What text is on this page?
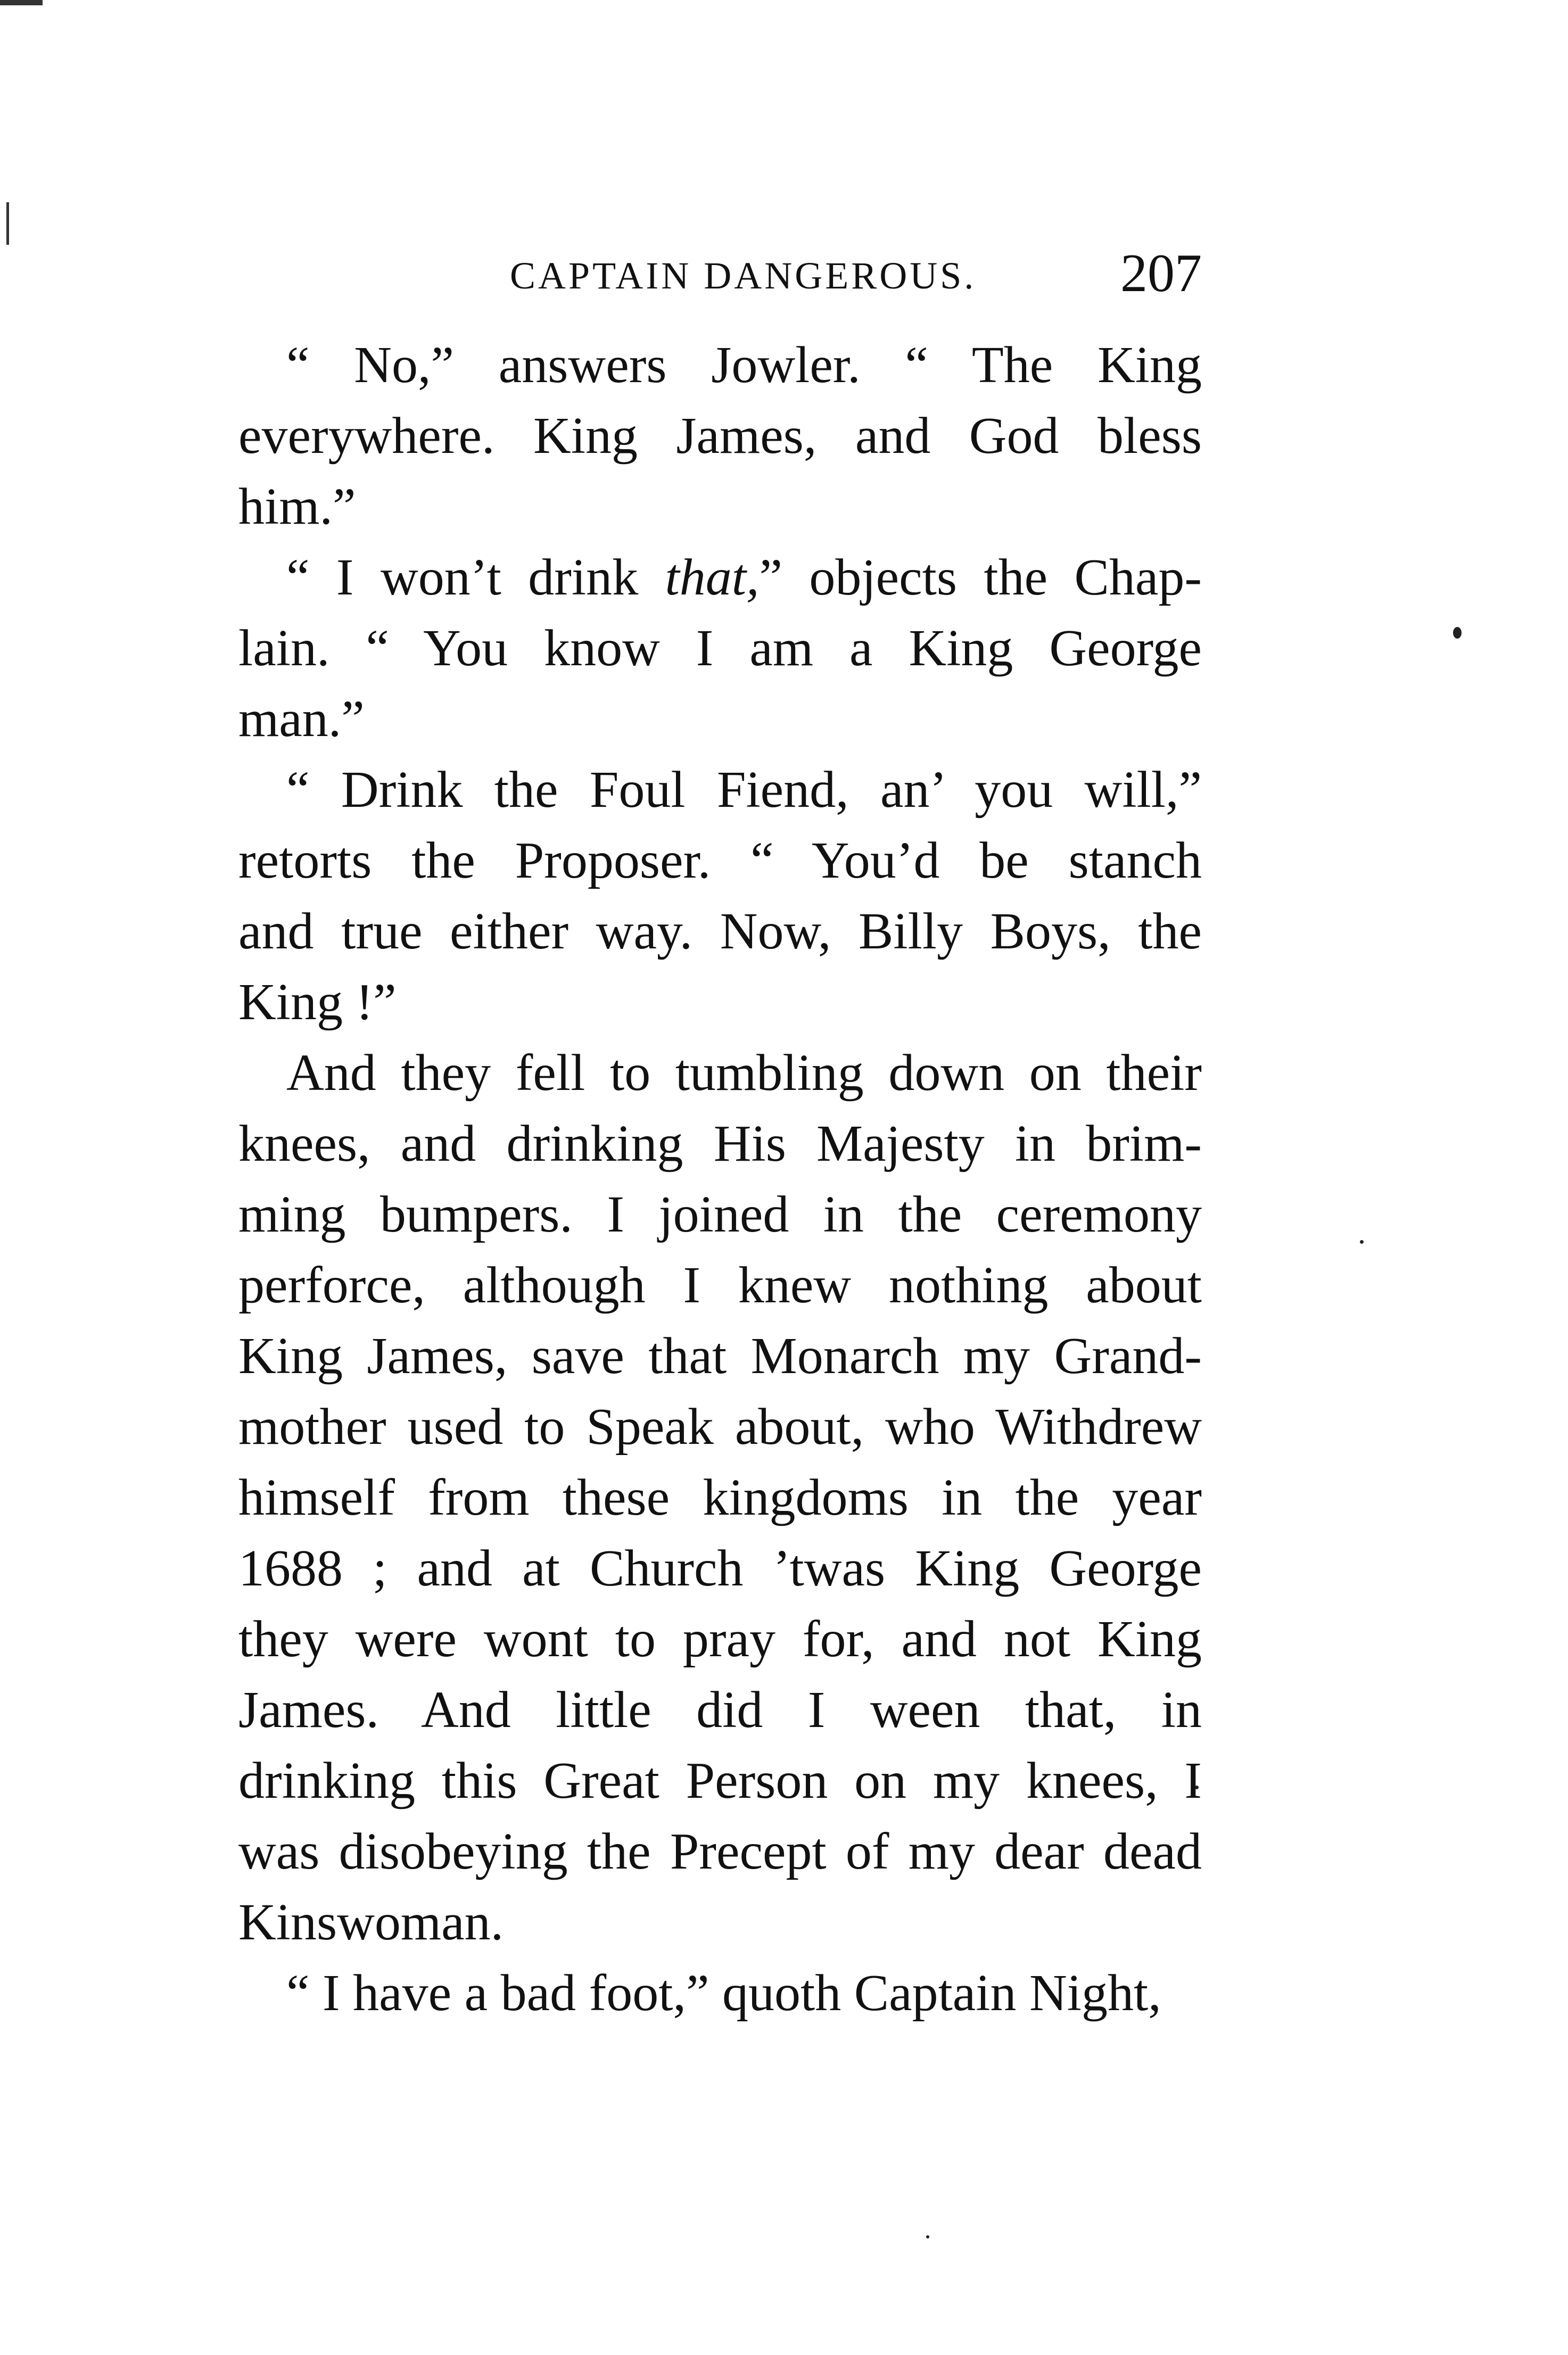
CAPTAIN DANGEROUS.	207
“ No,” answers Jowler. “ The King
everywhere. King James, and God bless
him.”
“ I won’t drink that,” objects the Chap-
lain. “ You know I am a King George
man.”
“ Drink the Foul Fiend, an’ you will,”
retorts the Proposer. “ You’d be stanch
and true either way. Now, Billy Boys, the
King !”
And they fell to tumbling down on their
knees, and drinking His Majesty in brim-
ming bumpers. I joined in the ceremony
perforce, although I knew nothing about
King James, save that Monarch my Grand-
mother used to Speak about, who Withdrew
himself from these kingdoms in the year
1688 ; and at Church ’twas King George
they were wont to pray for, and not King
James. And little did I ween that, in
drinking this Great Person on my knees, I
was disobeying the Precept of my dear dead
Kinswoman.
“ I have a bad foot,” quoth Captain Night,
